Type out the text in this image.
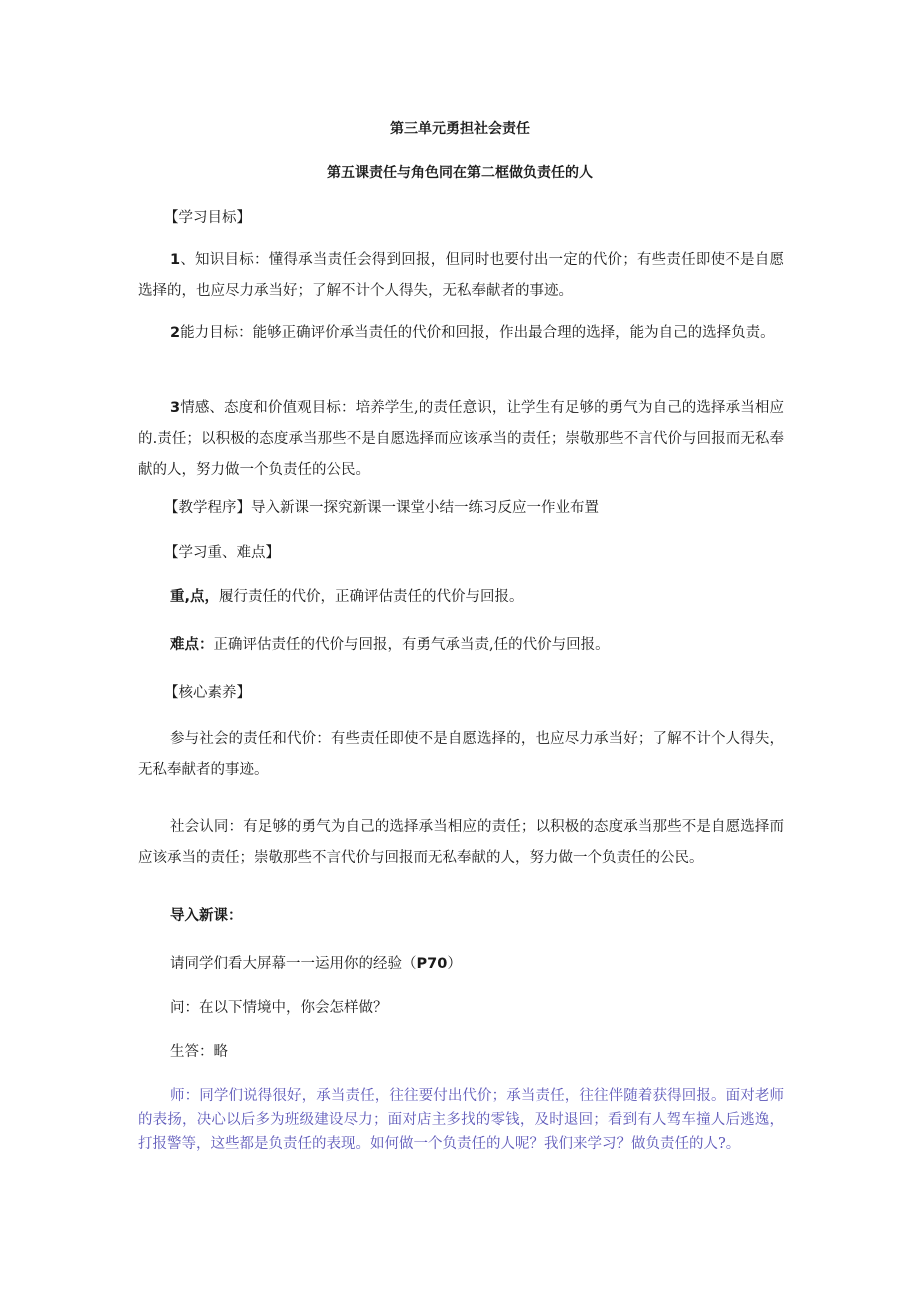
第三单元勇担社会责任
第五课责任与角色同在第二框做负责任的人
【学习目标】
1、知识目标：懂得承当责任会得到回报，但同时也要付出一定的代价；有些责任即使不是自愿选择的，也应尽力承当好；了解不计个人得失，无私奉献者的事迹。
2能力目标：能够正确评价承当责任的代价和回报，作出最合理的选择，能为自己的选择负责。
3情感、态度和价值观目标：培养学生,的责任意识，让学生有足够的勇气为自己的选择承当相应的.责任；以积极的态度承当那些不是自愿选择而应该承当的责任；崇敬那些不言代价与回报而无私奉献的人，努力做一个负责任的公民。
【教学程序】导入新课一探究新课一课堂小结一练习反应一作业布置
【学习重、难点】
重,点，履行责任的代价，正确评估责任的代价与回报。
难点：正确评估责任的代价与回报，有勇气承当责,任的代价与回报。
【核心素养】
参与社会的责任和代价：有些责任即使不是自愿选择的，也应尽力承当好；了解不计个人得失，无私奉献者的事迹。
社会认同：有足够的勇气为自己的选择承当相应的责任；以积极的态度承当那些不是自愿选择而应该承当的责任；崇敬那些不言代价与回报而无私奉献的人，努力做一个负责任的公民。
导入新课：
请同学们看大屏幕一一运用你的经验（P70）
问：在以下情境中，你会怎样做？
生答：略
师：同学们说得很好，承当责任，往往要付出代价；承当责任，往往伴随着获得回报。面对老师的表扬，决心以后多为班级建设尽力；面对店主多找的零钱，及时退回；看到有人驾车撞人后逃逸，打报警等，这些都是负责任的表现。如何做一个负责任的人呢？我们来学习？做负责任的人?。
